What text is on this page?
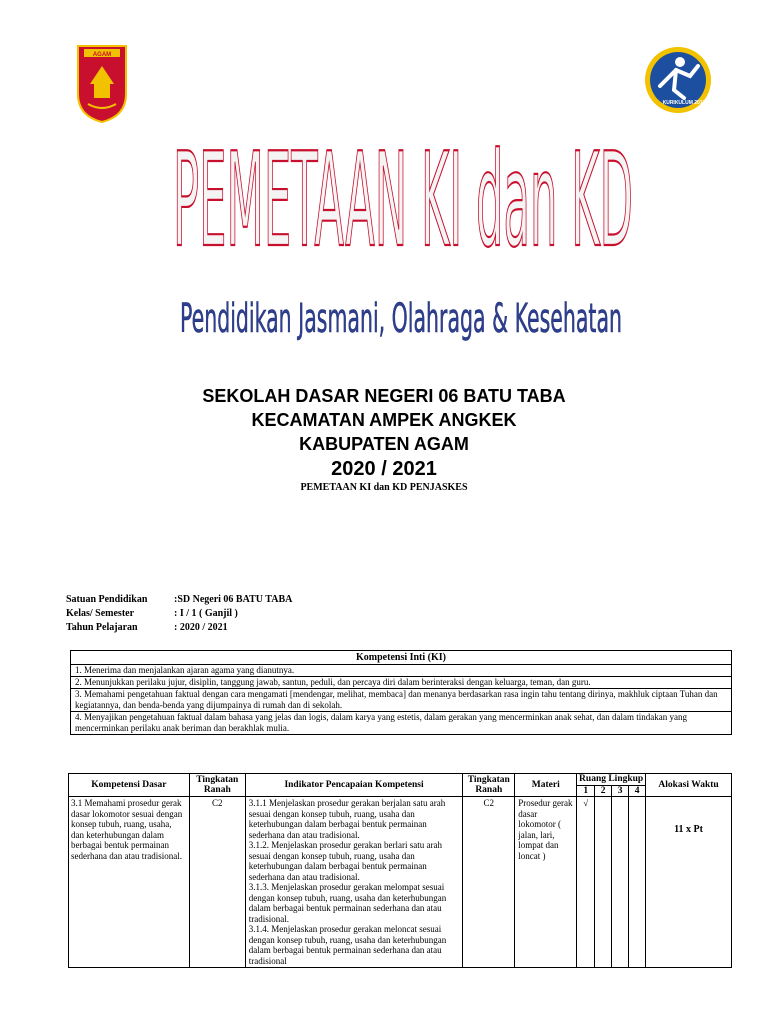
AGAM
KURIKULUM 2013
PEMETAAN KI dan KD
Pendidikan Jasmani, Olahraga & Kesehatan
SEKOLAH DASAR NEGERI 06 BATU TABA
KECAMATAN AMPEK ANGKEK
KABUPATEN AGAM
2020 / 2021
PEMETAAN KI dan KD PENJASKES
Satuan Pendidikan	:SD Negeri 06 BATU TABA
Kelas/ Semester	: I / 1 ( Ganjil )
Tahun Pelajaran	: 2020 / 2021
Kompetensi Inti (KI)
1. Menerima dan menjalankan ajaran agama yang dianutnya.
2. Menunjukkan perilaku jujur, disiplin, tanggung jawab, santun, peduli, dan percaya diri dalam berinteraksi dengan keluarga, teman, dan guru.
3. Memahami pengetahuan faktual dengan cara mengamati [mendengar, melihat, membaca] dan menanya berdasarkan rasa ingin tahu tentang dirinya, makhluk ciptaan Tuhan dan kegiatannya, dan benda-benda yang dijumpainya di rumah dan di sekolah.
4. Menyajikan pengetahuan faktual dalam bahasa yang jelas dan logis, dalam karya yang estetis, dalam gerakan yang mencerminkan anak sehat, dan dalam tindakan yang mencerminkan perilaku anak beriman dan berakhlak mulia.
Kompetensi Dasar	Tingkatan Ranah	Indikator Pencapaian Kompetensi	Tingkatan Ranah	Materi	Ruang Lingkup				Alokasi Waktu
					1	2	3	4	
3.1 Memahami prosedur gerak dasar lokomotor sesuai dengan konsep tubuh, ruang, usaha, dan keterhubungan dalam berbagai bentuk permainan sederhana dan atau tradisional.	C2	3.1.1 Menjelaskan prosedur gerakan berjalan satu arah sesuai dengan konsep tubuh, ruang, usaha dan keterhubungan dalam berbagai bentuk permainan sederhana dan atau tradisional.
3.1.2. Menjelaskan prosedur gerakan berlari satu arah sesuai dengan konsep tubuh, ruang, usaha dan keterhubungan dalam berbagai bentuk permainan sederhana dan atau tradisional.
3.1.3. Menjelaskan prosedur gerakan melompat sesuai dengan konsep tubuh, ruang, usaha dan keterhubungan dalam berbagai bentuk permainan sederhana dan atau tradisional.
3.1.4. Menjelaskan prosedur gerakan meloncat sesuai dengan konsep tubuh, ruang, usaha dan keterhubungan dalam berbagai bentuk permainan sederhana dan atau tradisional	C2	Prosedur gerak dasar lokomotor ( jalan, lari, lompat dan loncat )	√				11 x Pt
